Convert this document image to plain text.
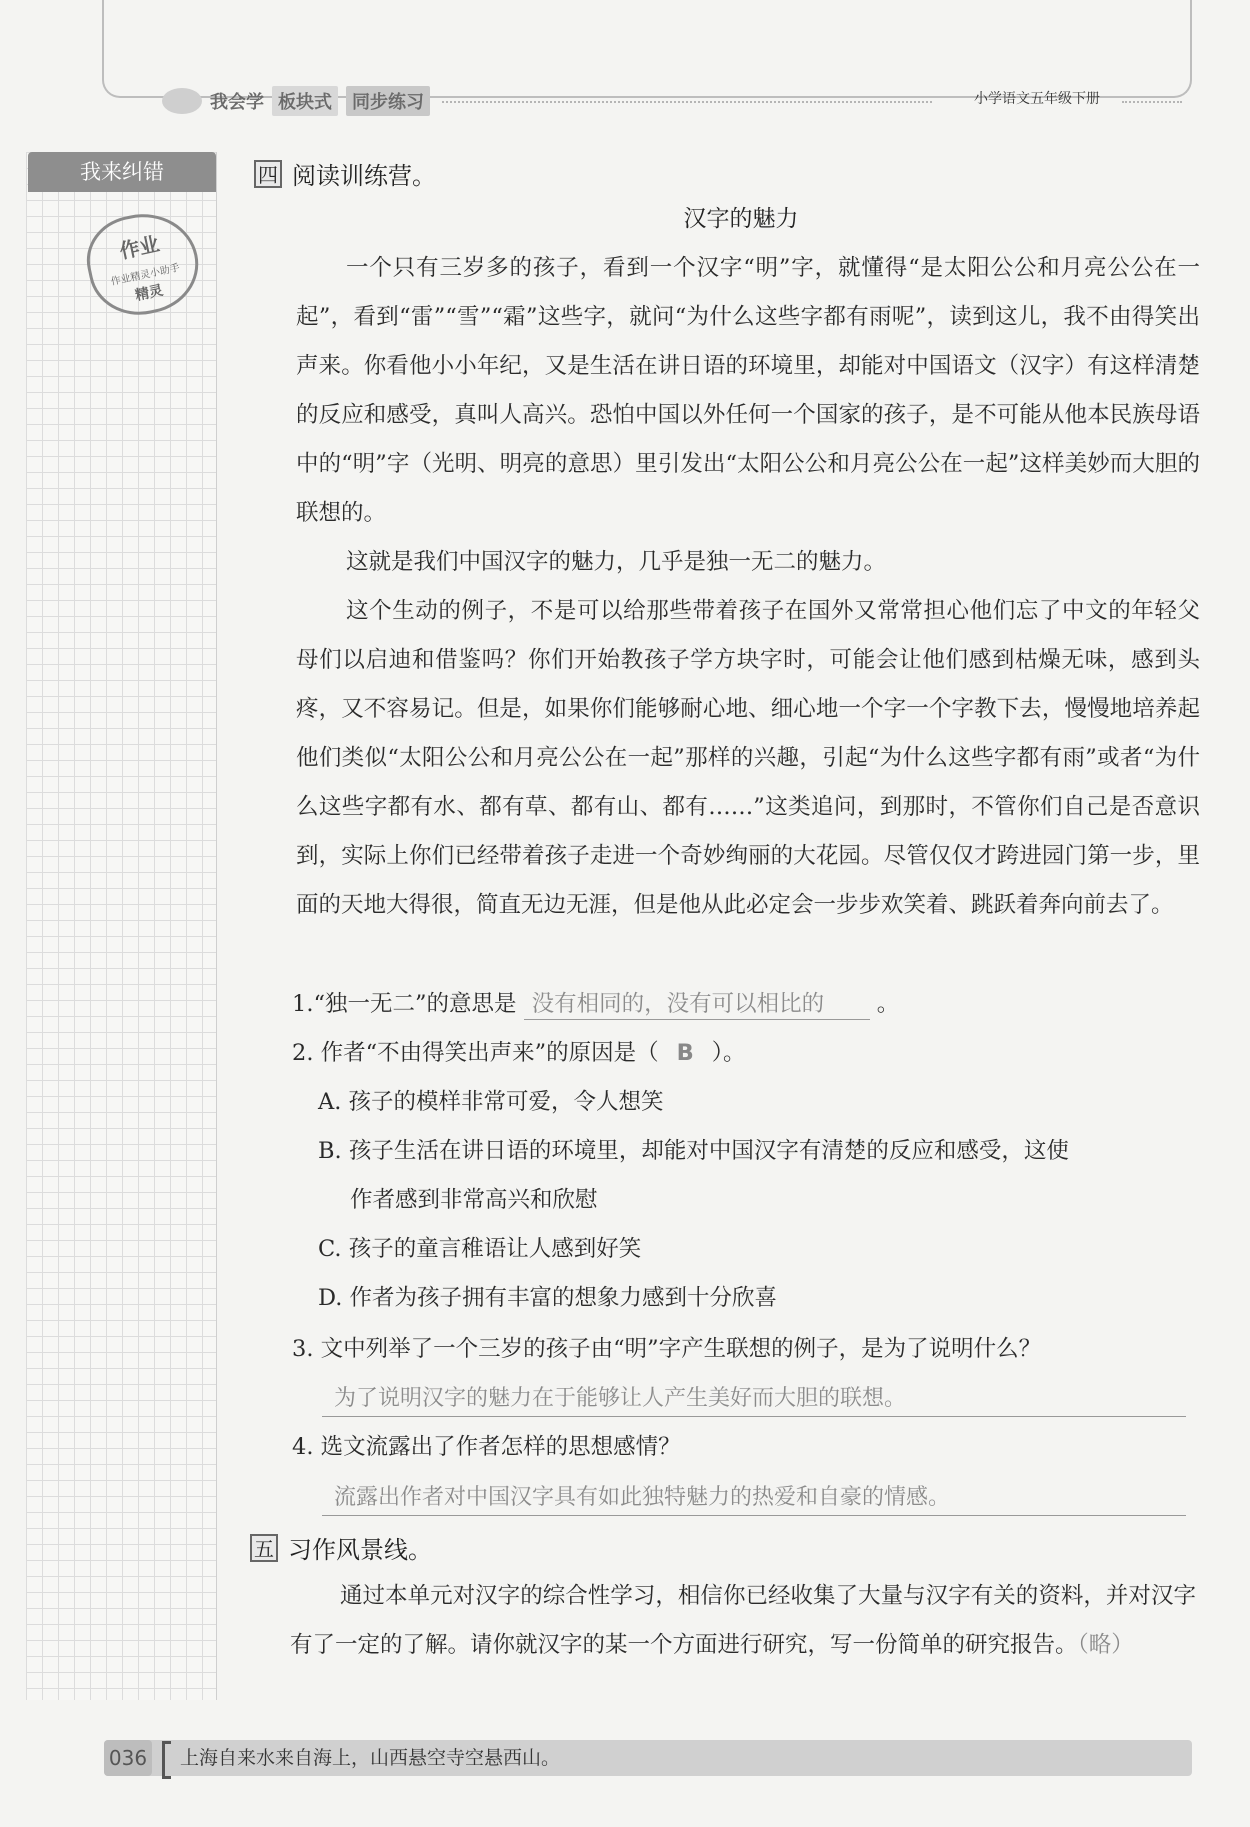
我会学 板块式	同步练习	小学语文五年级下册
我来纠错
作业
作业精灵小助手
精灵
四 阅读训练营。
汉字的魅力

一个只有三岁多的孩子，看到一个汉字“明”字，就懂得“是太阳公公和月亮公公在一起”，看到“雷”“雪”“霜”这些字，就问“为什么这些字都有雨呢”，读到这儿，我不由得笑出声来。你看他小小年纪，又是生活在讲日语的环境里，却能对中国语文（汉字）有这样清楚的反应和感受，真叫人高兴。恐怕中国以外任何一个国家的孩子，是不可能从他本民族母语中的“明”字（光明、明亮的意思）里引发出“太阳公公和月亮公公在一起”这样美妙而大胆的联想的。

这就是我们中国汉字的魅力，几乎是独一无二的魅力。

这个生动的例子，不是可以给那些带着孩子在国外又常常担心他们忘了中文的年轻父母们以启迪和借鉴吗？你们开始教孩子学方块字时，可能会让他们感到枯燥无味，感到头疼，又不容易记。但是，如果你们能够耐心地、细心地一个字一个字教下去，慢慢地培养起他们类似“太阳公公和月亮公公在一起”那样的兴趣，引起“为什么这些字都有雨”或者“为什么这些字都有水、都有草、都有山、都有……”这类追问，到那时，不管你们自己是否意识到，实际上你们已经带着孩子走进一个奇妙绚丽的大花园。尽管仅仅才跨进园门第一步，里面的天地大得很，简直无边无涯，但是他从此必定会一步步欢笑着、跳跃着奔向前去了。

1.“独一无二”的意思是 没有相同的，没有可以相比的 。
2. 作者“不由得笑出声来”的原因是（ B ）。
A. 孩子的模样非常可爱，令人想笑
B. 孩子生活在讲日语的环境里，却能对中国汉字有清楚的反应和感受，这使
作者感到非常高兴和欣慰
C. 孩子的童言稚语让人感到好笑
D. 作者为孩子拥有丰富的想象力感到十分欣喜
3. 文中列举了一个三岁的孩子由“明”字产生联想的例子，是为了说明什么？
为了说明汉字的魅力在于能够让人产生美好而大胆的联想。
4. 选文流露出了作者怎样的思想感情？
流露出作者对中国汉字具有如此独特魅力的热爱和自豪的情感。
五 习作风景线。

通过本单元对汉字的综合性学习，相信你已经收集了大量与汉字有关的资料，并对汉字有了一定的了解。请你就汉字的某一个方面进行研究，写一份简单的研究报告。（略）

036 上海自来水来自海上，山西悬空寺空悬西山。
